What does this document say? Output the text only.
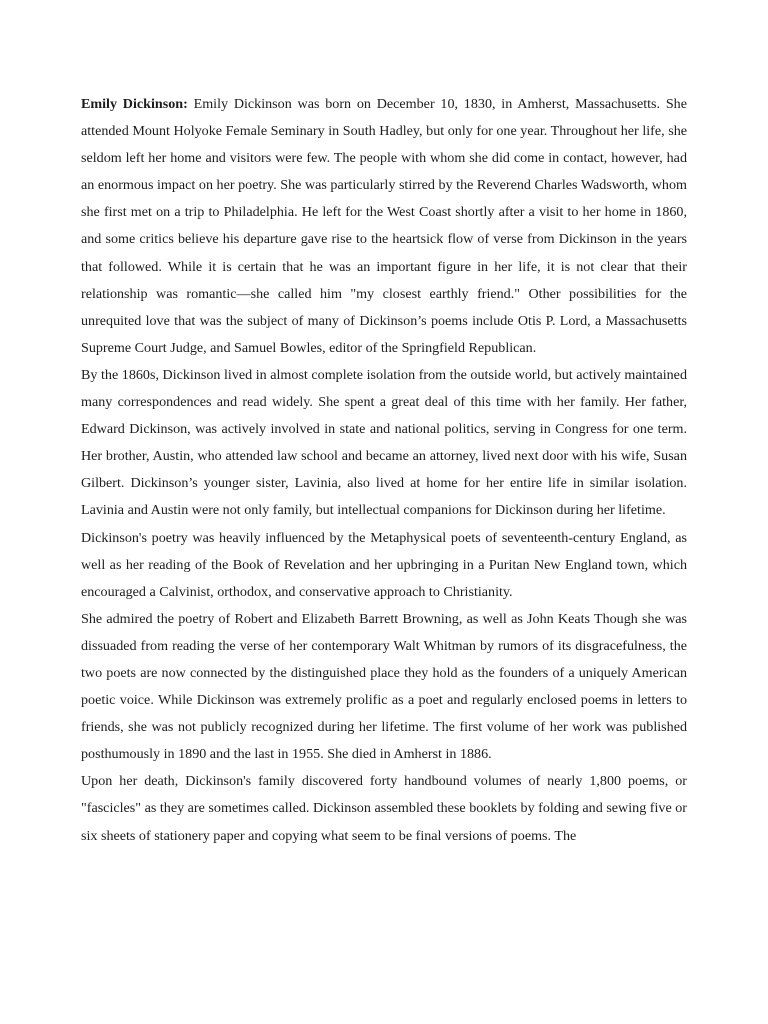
Emily Dickinson: Emily Dickinson was born on December 10, 1830, in Amherst, Massachusetts. She attended Mount Holyoke Female Seminary in South Hadley, but only for one year. Throughout her life, she seldom left her home and visitors were few. The people with whom she did come in contact, however, had an enormous impact on her poetry. She was particularly stirred by the Reverend Charles Wadsworth, whom she first met on a trip to Philadelphia. He left for the West Coast shortly after a visit to her home in 1860, and some critics believe his departure gave rise to the heartsick flow of verse from Dickinson in the years that followed. While it is certain that he was an important figure in her life, it is not clear that their relationship was romantic—she called him "my closest earthly friend." Other possibilities for the unrequited love that was the subject of many of Dickinson’s poems include Otis P. Lord, a Massachusetts Supreme Court Judge, and Samuel Bowles, editor of the Springfield Republican.

By the 1860s, Dickinson lived in almost complete isolation from the outside world, but actively maintained many correspondences and read widely. She spent a great deal of this time with her family. Her father, Edward Dickinson, was actively involved in state and national politics, serving in Congress for one term. Her brother, Austin, who attended law school and became an attorney, lived next door with his wife, Susan Gilbert. Dickinson’s younger sister, Lavinia, also lived at home for her entire life in similar isolation. Lavinia and Austin were not only family, but intellectual companions for Dickinson during her lifetime.

Dickinson's poetry was heavily influenced by the Metaphysical poets of seventeenth-century England, as well as her reading of the Book of Revelation and her upbringing in a Puritan New England town, which encouraged a Calvinist, orthodox, and conservative approach to Christianity.

She admired the poetry of Robert and Elizabeth Barrett Browning, as well as John Keats Though she was dissuaded from reading the verse of her contemporary Walt Whitman by rumors of its disgracefulness, the two poets are now connected by the distinguished place they hold as the founders of a uniquely American poetic voice. While Dickinson was extremely prolific as a poet and regularly enclosed poems in letters to friends, she was not publicly recognized during her lifetime. The first volume of her work was published posthumously in 1890 and the last in 1955. She died in Amherst in 1886.

Upon her death, Dickinson's family discovered forty handbound volumes of nearly 1,800 poems, or "fascicles" as they are sometimes called. Dickinson assembled these booklets by folding and sewing five or six sheets of stationery paper and copying what seem to be final versions of poems. The
